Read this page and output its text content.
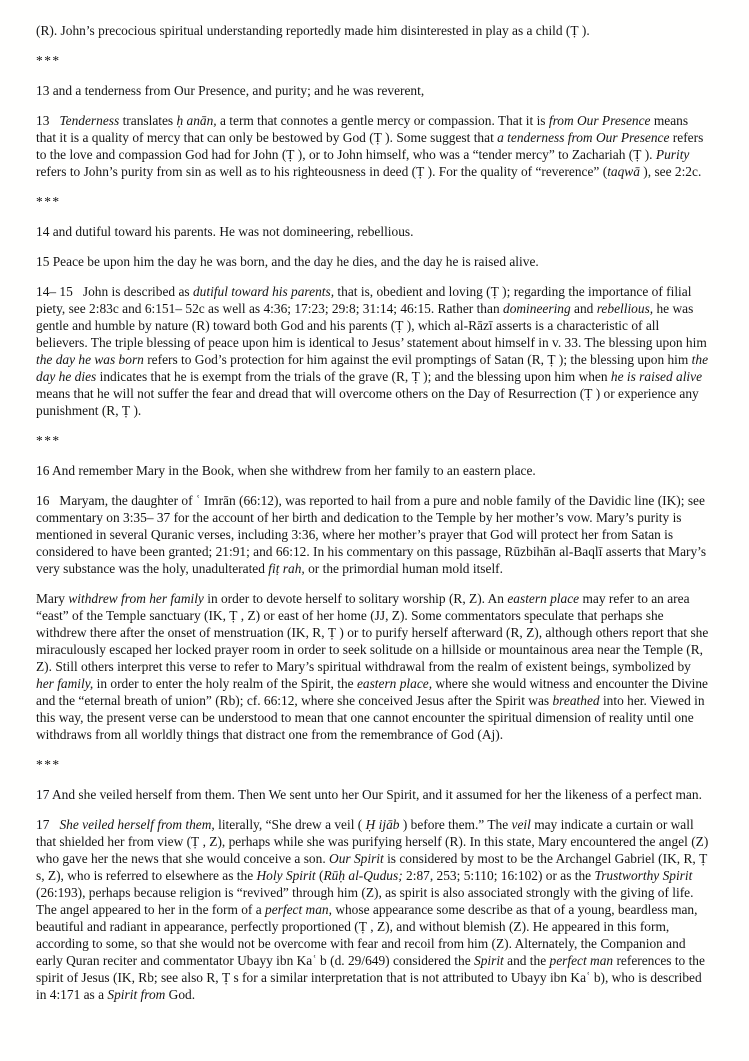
(R). John’s precocious spiritual understanding reportedly made him disinterested in play as a child (Ṭ ).

***

13 and a tenderness from Our Presence, and purity; and he was reverent,

13   Tenderness translates ḥ anān, a term that connotes a gentle mercy or compassion. That it is from Our Presence means that it is a quality of mercy that can only be bestowed by God (Ṭ ). Some suggest that a tenderness from Our Presence refers to the love and compassion God had for John (Ṭ ), or to John himself, who was a “tender mercy” to Zachariah (Ṭ ). Purity refers to John’s purity from sin as well as to his righteousness in deed (Ṭ ). For the quality of “reverence” (taqwā ), see 2:2c.

***

14 and dutiful toward his parents. He was not domineering, rebellious.

15 Peace be upon him the day he was born, and the day he dies, and the day he is raised alive.

14– 15   John is described as dutiful toward his parents, that is, obedient and loving (Ṭ ); regarding the importance of filial piety, see 2:83c and 6:151– 52c as well as 4:36; 17:23; 29:8; 31:14; 46:15. Rather than domineering and rebellious, he was gentle and humble by nature (R) toward both God and his parents (Ṭ ), which al-Rāzī asserts is a characteristic of all believers. The triple blessing of peace upon him is identical to Jesus’ statement about himself in v. 33. The blessing upon him the day he was born refers to God’s protection for him against the evil promptings of Satan (R, Ṭ ); the blessing upon him the day he dies indicates that he is exempt from the trials of the grave (R, Ṭ ); and the blessing upon him when he is raised alive means that he will not suffer the fear and dread that will overcome others on the Day of Resurrection (Ṭ ) or experience any punishment (R, Ṭ ).

***

16 And remember Mary in the Book, when she withdrew from her family to an eastern place.

16   Maryam, the daughter of ʿ Imrān (66:12), was reported to hail from a pure and noble family of the Davidic line (IK); see commentary on 3:35– 37 for the account of her birth and dedication to the Temple by her mother’s vow. Mary’s purity is mentioned in several Quranic verses, including 3:36, where her mother’s prayer that God will protect her from Satan is considered to have been granted; 21:91; and 66:12. In his commentary on this passage, Rūzbihān al-Baqlī asserts that Mary’s very substance was the holy, unadulterated fiṭ rah, or the primordial human mold itself.

Mary withdrew from her family in order to devote herself to solitary worship (R, Z). An eastern place may refer to an area “east” of the Temple sanctuary (IK, Ṭ , Z) or east of her home (JJ, Z). Some commentators speculate that perhaps she withdrew there after the onset of menstruation (IK, R, Ṭ ) or to purify herself afterward (R, Z), although others report that she miraculously escaped her locked prayer room in order to seek solitude on a hillside or mountainous area near the Temple (R, Z). Still others interpret this verse to refer to Mary’s spiritual withdrawal from the realm of existent beings, symbolized by her family, in order to enter the holy realm of the Spirit, the eastern place, where she would witness and encounter the Divine and the “eternal breath of union” (Rb); cf. 66:12, where she conceived Jesus after the Spirit was breathed into her. Viewed in this way, the present verse can be understood to mean that one cannot encounter the spiritual dimension of reality until one withdraws from all worldly things that distract one from the remembrance of God (Aj).

***

17 And she veiled herself from them. Then We sent unto her Our Spirit, and it assumed for her the likeness of a perfect man.

17   She veiled herself from them, literally, “She drew a veil ( Ḥ ijāb ) before them.” The veil may indicate a curtain or wall that shielded her from view (Ṭ , Z), perhaps while she was purifying herself (R). In this state, Mary encountered the angel (Z) who gave her the news that she would conceive a son. Our Spirit is considered by most to be the Archangel Gabriel (IK, R, Ṭ s, Z), who is referred to elsewhere as the Holy Spirit (Rūḥ al-Qudus; 2:87, 253; 5:110; 16:102) or as the Trustworthy Spirit (26:193), perhaps because religion is “revived” through him (Z), as spirit is also associated strongly with the giving of life. The angel appeared to her in the form of a perfect man, whose appearance some describe as that of a young, beardless man, beautiful and radiant in appearance, perfectly proportioned (Ṭ , Z), and without blemish (Z). He appeared in this form, according to some, so that she would not be overcome with fear and recoil from him (Z). Alternately, the Companion and early Quran reciter and commentator Ubayy ibn Kaʿ b (d. 29/649) considered the Spirit and the perfect man references to the spirit of Jesus (IK, Rb; see also R, Ṭ s for a similar interpretation that is not attributed to Ubayy ibn Kaʿ b), who is described in 4:171 as a Spirit from God.
